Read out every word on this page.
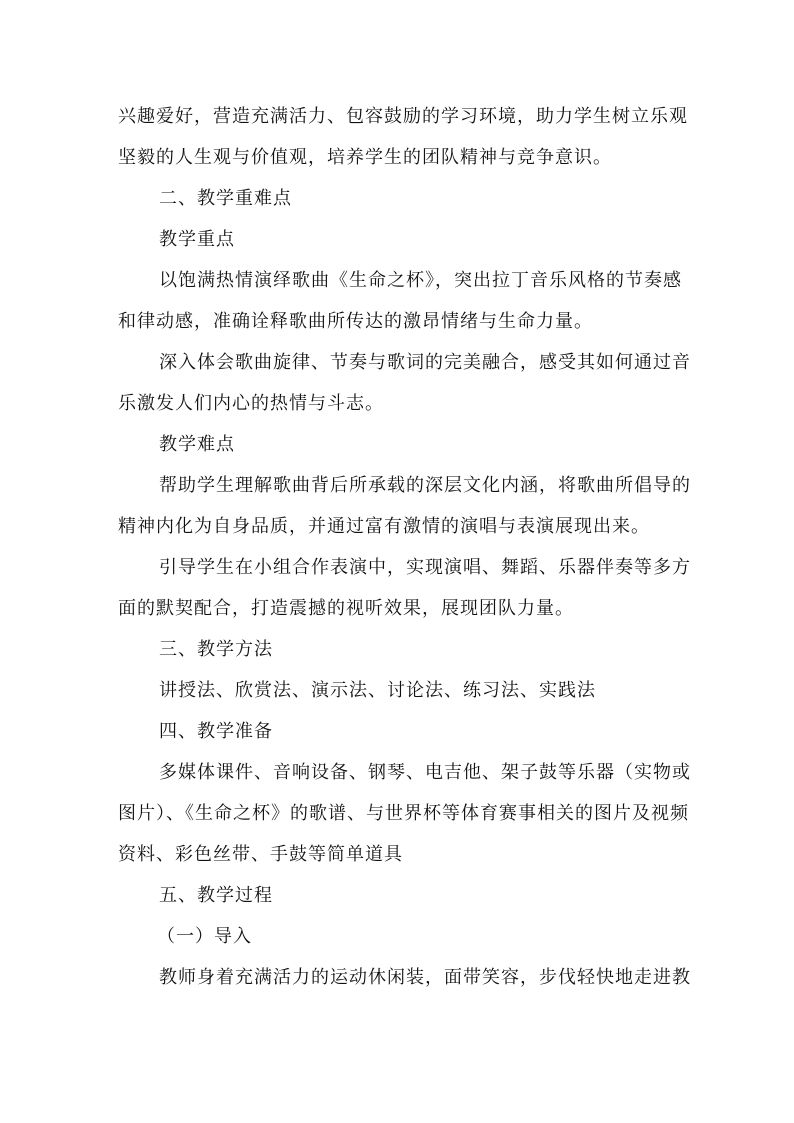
兴趣爱好，营造充满活力、包容鼓励的学习环境，助力学生树立乐观
坚毅的人生观与价值观，培养学生的团队精神与竞争意识。
二、教学重难点
教学重点
以饱满热情演绎歌曲《生命之杯》，突出拉丁音乐风格的节奏感
和律动感，准确诠释歌曲所传达的激昂情绪与生命力量。
深入体会歌曲旋律、节奏与歌词的完美融合，感受其如何通过音
乐激发人们内心的热情与斗志。
教学难点
帮助学生理解歌曲背后所承载的深层文化内涵，将歌曲所倡导的
精神内化为自身品质，并通过富有激情的演唱与表演展现出来。
引导学生在小组合作表演中，实现演唱、舞蹈、乐器伴奏等多方
面的默契配合，打造震撼的视听效果，展现团队力量。
三、教学方法
讲授法、欣赏法、演示法、讨论法、练习法、实践法
四、教学准备
多媒体课件、音响设备、钢琴、电吉他、架子鼓等乐器（实物或
图片）、《生命之杯》的歌谱、与世界杯等体育赛事相关的图片及视频
资料、彩色丝带、手鼓等简单道具
五、教学过程
（一）导入
教师身着充满活力的运动休闲装，面带笑容，步伐轻快地走进教
